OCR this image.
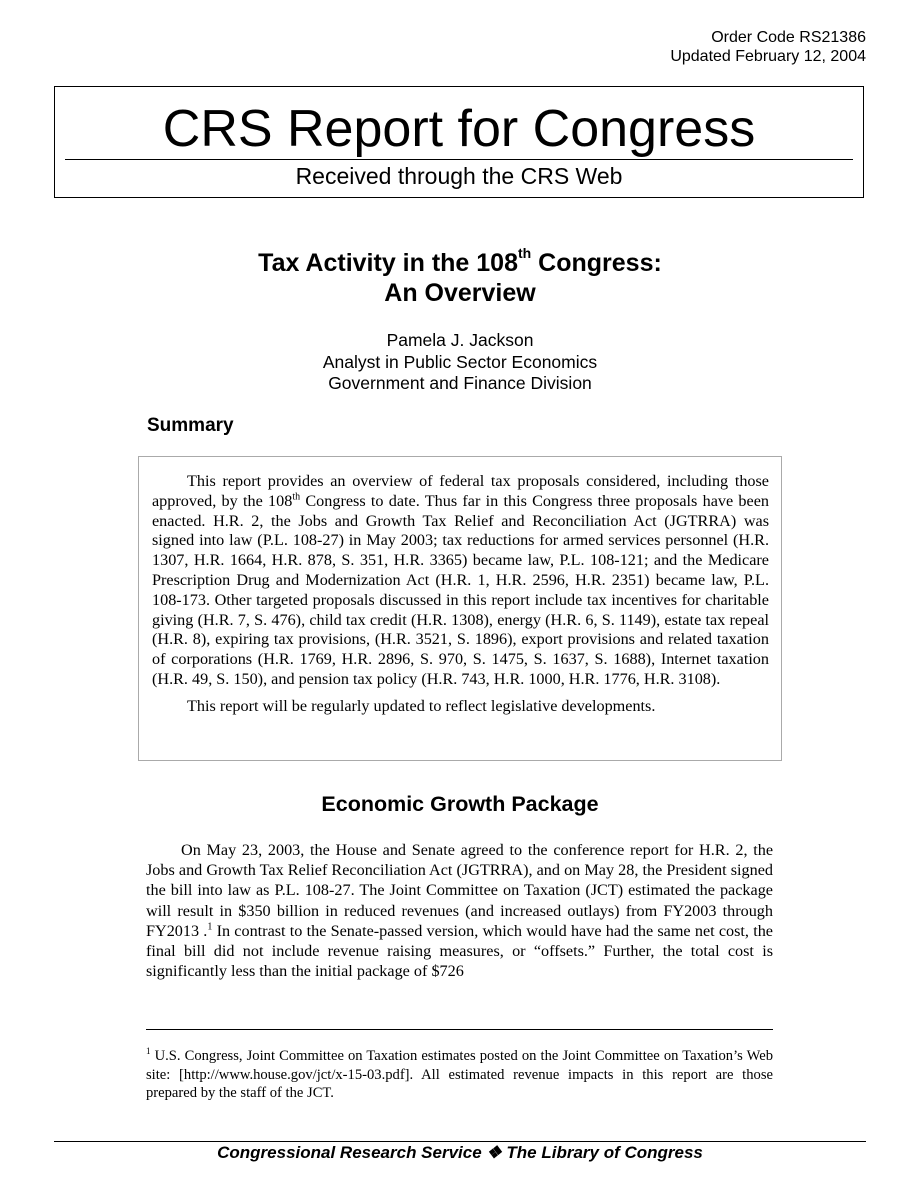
Order Code RS21386
Updated February 12, 2004
CRS Report for Congress
Received through the CRS Web
Tax Activity in the 108th Congress:
An Overview
Pamela J. Jackson
Analyst in Public Sector Economics
Government and Finance Division
Summary

This report provides an overview of federal tax proposals considered, including those approved, by the 108th Congress to date. Thus far in this Congress three proposals have been enacted. H.R. 2, the Jobs and Growth Tax Relief and Reconciliation Act (JGTRRA) was signed into law (P.L. 108-27) in May 2003; tax reductions for armed services personnel (H.R. 1307, H.R. 1664, H.R. 878, S. 351, H.R. 3365) became law, P.L. 108-121; and the Medicare Prescription Drug and Modernization Act (H.R. 1, H.R. 2596, H.R. 2351) became law, P.L. 108-173. Other targeted proposals discussed in this report include tax incentives for charitable giving (H.R. 7, S. 476), child tax credit (H.R. 1308), energy (H.R. 6, S. 1149), estate tax repeal (H.R. 8), expiring tax provisions, (H.R. 3521, S. 1896), export provisions and related taxation of corporations (H.R. 1769, H.R. 2896, S. 970, S. 1475, S. 1637, S. 1688), Internet taxation (H.R. 49, S. 150), and pension tax policy (H.R. 743, H.R. 1000, H.R. 1776, H.R. 3108).

This report will be regularly updated to reflect legislative developments.

Economic Growth Package

On May 23, 2003, the House and Senate agreed to the conference report for H.R. 2, the Jobs and Growth Tax Relief Reconciliation Act (JGTRRA), and on May 28, the President signed the bill into law as P.L. 108-27. The Joint Committee on Taxation (JCT) estimated the package will result in $350 billion in reduced revenues (and increased outlays) from FY2003 through FY2013 .$^1$ In contrast to the Senate-passed version, which would have had the same net cost, the final bill did not include revenue raising measures, or “offsets.” Further, the total cost is significantly less than the initial package of $726

$^1$ U.S. Congress, Joint Committee on Taxation estimates posted on the Joint Committee on Taxation’s Web site: [http://www.house.gov/jct/x-15-03.pdf]. All estimated revenue impacts in this report are those prepared by the staff of the JCT.

Congressional Research Service ❖ The Library of Congress
